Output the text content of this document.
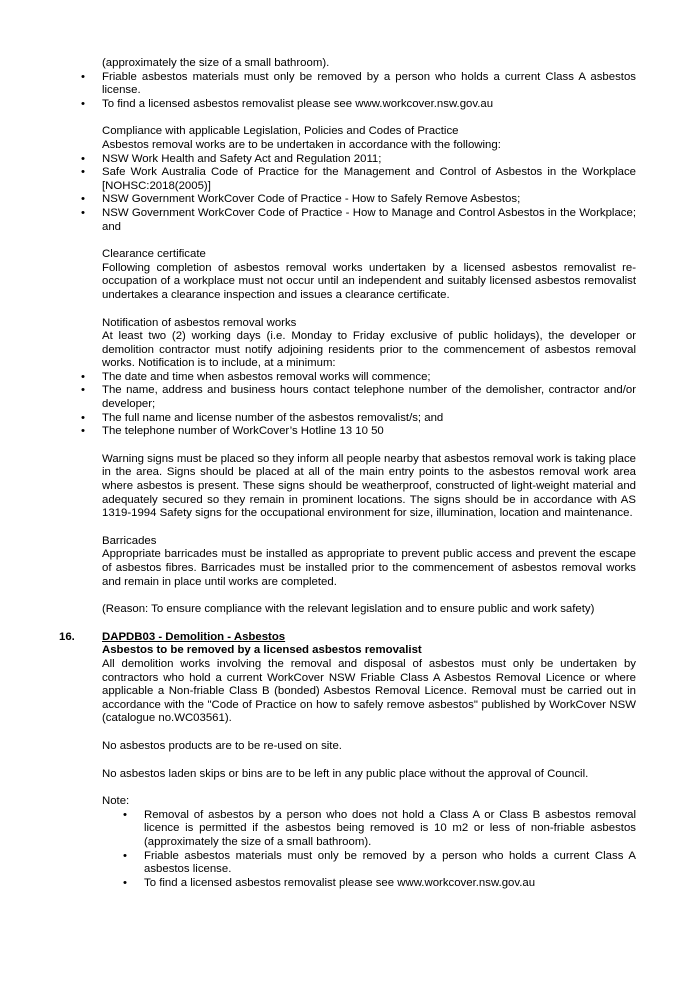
(approximately the size of a small bathroom).

• Friable asbestos materials must only be removed by a person who holds a current Class A asbestos license.
• To find a licensed asbestos removalist please see www.workcover.nsw.gov.au

Compliance with applicable Legislation, Policies and Codes of Practice

Asbestos removal works are to be undertaken in accordance with the following:

• NSW Work Health and Safety Act and Regulation 2011;
• Safe Work Australia Code of Practice for the Management and Control of Asbestos in the Workplace [NOHSC:2018(2005)]
• NSW Government WorkCover Code of Practice - How to Safely Remove Asbestos;
• NSW Government WorkCover Code of Practice - How to Manage and Control Asbestos in the Workplace; and

Clearance certificate

Following completion of asbestos removal works undertaken by a licensed asbestos removalist re-occupation of a workplace must not occur until an independent and suitably licensed asbestos removalist undertakes a clearance inspection and issues a clearance certificate.

Notification of asbestos removal works

At least two (2) working days (i.e. Monday to Friday exclusive of public holidays), the developer or demolition contractor must notify adjoining residents prior to the commencement of asbestos removal works. Notification is to include, at a minimum:

• The date and time when asbestos removal works will commence;
• The name, address and business hours contact telephone number of the demolisher, contractor and/or developer;
• The full name and license number of the asbestos removalist/s; and
• The telephone number of WorkCover’s Hotline 13 10 50

Warning signs must be placed so they inform all people nearby that asbestos removal work is taking place in the area. Signs should be placed at all of the main entry points to the asbestos removal work area where asbestos is present. These signs should be weatherproof, constructed of light-weight material and adequately secured so they remain in prominent locations. The signs should be in accordance with AS 1319-1994 Safety signs for the occupational environment for size, illumination, location and maintenance.

Barricades

Appropriate barricades must be installed as appropriate to prevent public access and prevent the escape of asbestos fibres. Barricades must be installed prior to the commencement of asbestos removal works and remain in place until works are completed.

(Reason: To ensure compliance with the relevant legislation and to ensure public and work safety)

16. DAPDB03 - Demolition - Asbestos

Asbestos to be removed by a licensed asbestos removalist

All demolition works involving the removal and disposal of asbestos must only be undertaken by contractors who hold a current WorkCover NSW Friable Class A Asbestos Removal Licence or where applicable a Non-friable Class B (bonded) Asbestos Removal Licence. Removal must be carried out in accordance with the "Code of Practice on how to safely remove asbestos" published by WorkCover NSW (catalogue no.WC03561).

No asbestos products are to be re-used on site.

No asbestos laden skips or bins are to be left in any public place without the approval of Council.

Note:

• Removal of asbestos by a person who does not hold a Class A or Class B asbestos removal licence is permitted if the asbestos being removed is 10 m2 or less of non-friable asbestos (approximately the size of a small bathroom).
• Friable asbestos materials must only be removed by a person who holds a current Class A asbestos license.
• To find a licensed asbestos removalist please see www.workcover.nsw.gov.au
